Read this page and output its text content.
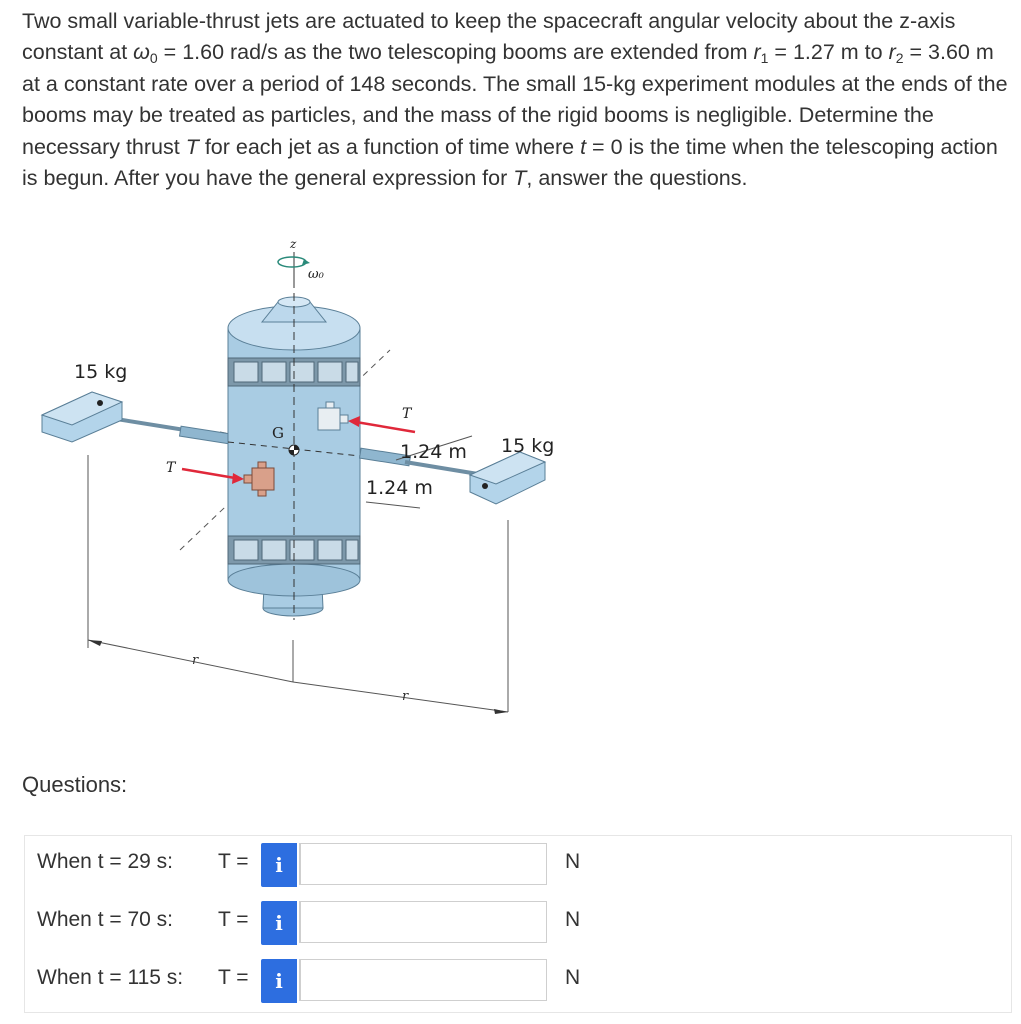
Two small variable-thrust jets are actuated to keep the spacecraft angular velocity about the z-axis constant at $\omega_0 = 1.60$ rad/s as the two telescoping booms are extended from $r_1 = 1.27$ m to $r_2 = 3.60$ m at a constant rate over a period of 148 seconds. The small 15-kg experiment modules at the ends of the booms may be treated as particles, and the mass of the rigid booms is negligible. Determine the necessary thrust T for each jet as a function of time where t = 0 is the time when the telescoping action is begun. After you have the general expression for T, answer the questions.

r
r
15 kg
G
T
T
15 kg
1.24 m
1.24 m
z
ω₀
Questions:
When t = 29 s: T =	i	N
When t = 70 s: T =	i	N
When t = 115 s: T =	i	N
